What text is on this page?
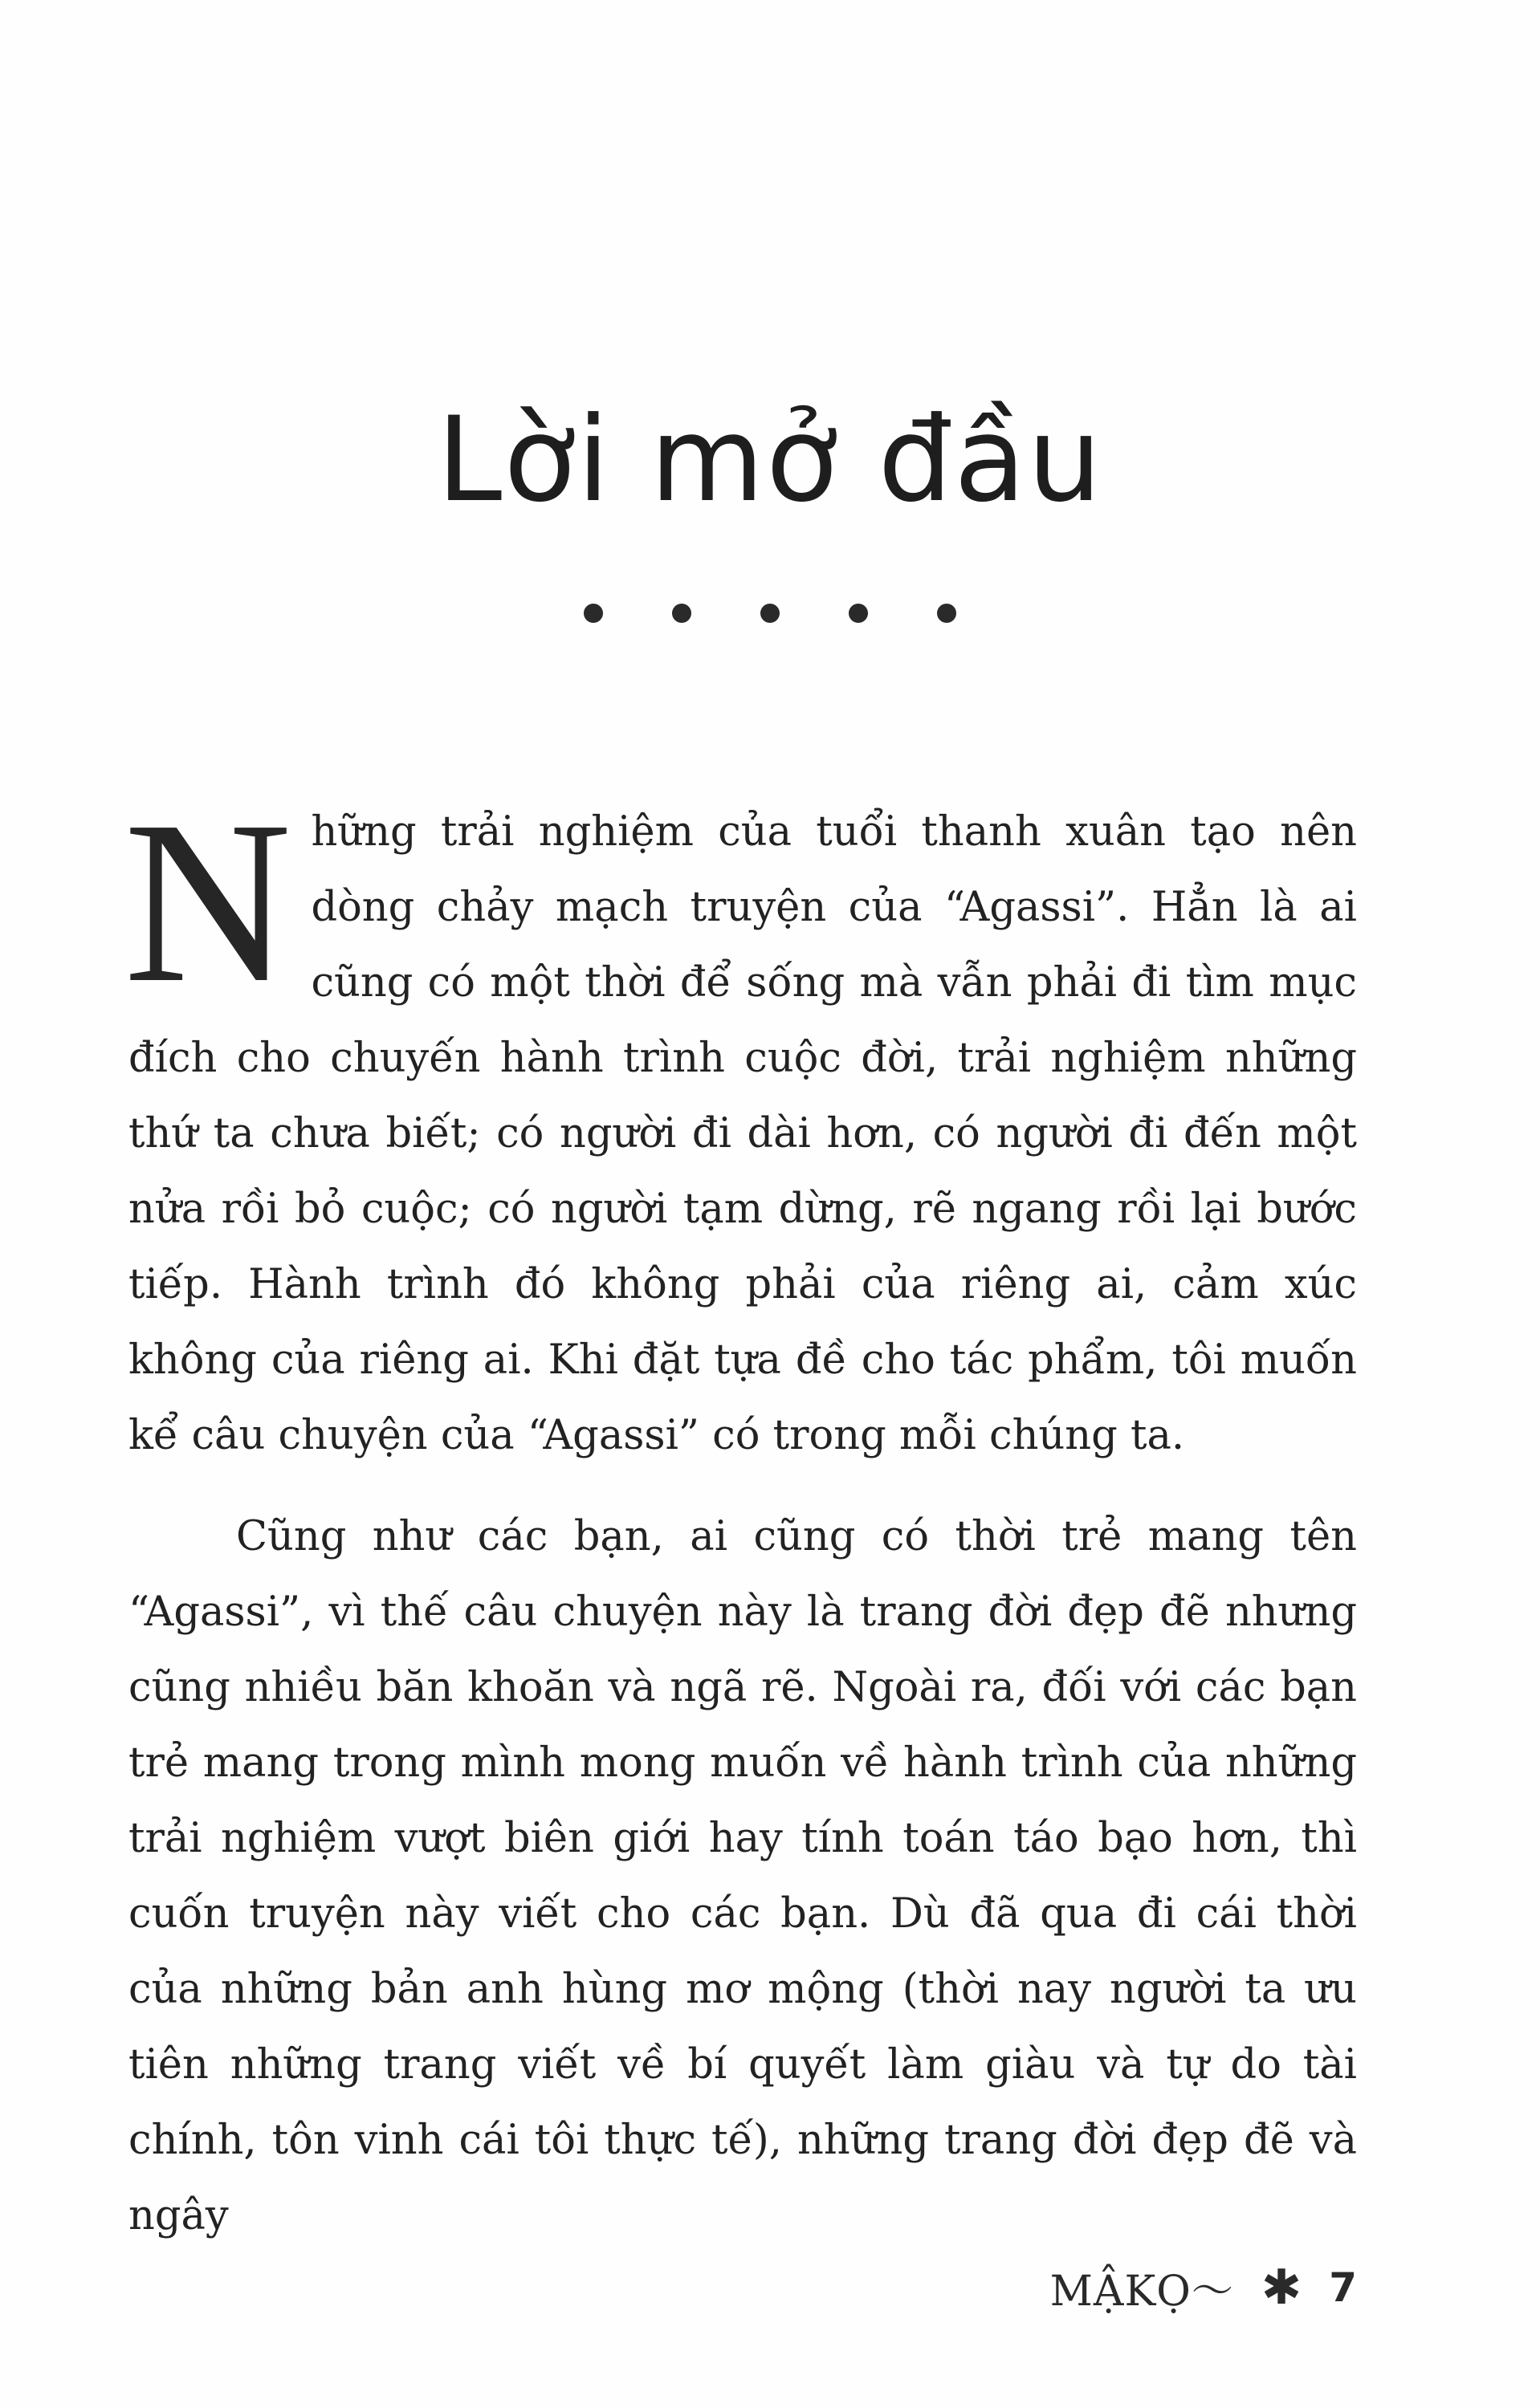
Lời mở đầu

Những trải nghiệm của tuổi thanh xuân tạo nên dòng chảy mạch truyện của “Agassi”. Hẳn là ai cũng có một thời để sống mà vẫn phải đi tìm mục đích cho chuyến hành trình cuộc đời, trải nghiệm những thứ ta chưa biết; có người đi dài hơn, có người đi đến một nửa rồi bỏ cuộc; có người tạm dừng, rẽ ngang rồi lại bước tiếp. Hành trình đó không phải của riêng ai, cảm xúc không của riêng ai. Khi đặt tựa đề cho tác phẩm, tôi muốn kể câu chuyện của “Agassi” có trong mỗi chúng ta.

Cũng như các bạn, ai cũng có thời trẻ mang tên “Agassi”, vì thế câu chuyện này là trang đời đẹp đẽ nhưng cũng nhiều băn khoăn và ngã rẽ. Ngoài ra, đối với các bạn trẻ mang trong mình mong muốn về hành trình của những trải nghiệm vượt biên giới hay tính toán táo bạo hơn, thì cuốn truyện này viết cho các bạn. Dù đã qua đi cái thời của những bản anh hùng mơ mộng (thời nay người ta ưu tiên những trang viết về bí quyết làm giàu và tự do tài chính, tôn vinh cái tôi thực tế), những trang đời đẹp đẽ và ngây

MẬKỌ〜 ✱ 7
